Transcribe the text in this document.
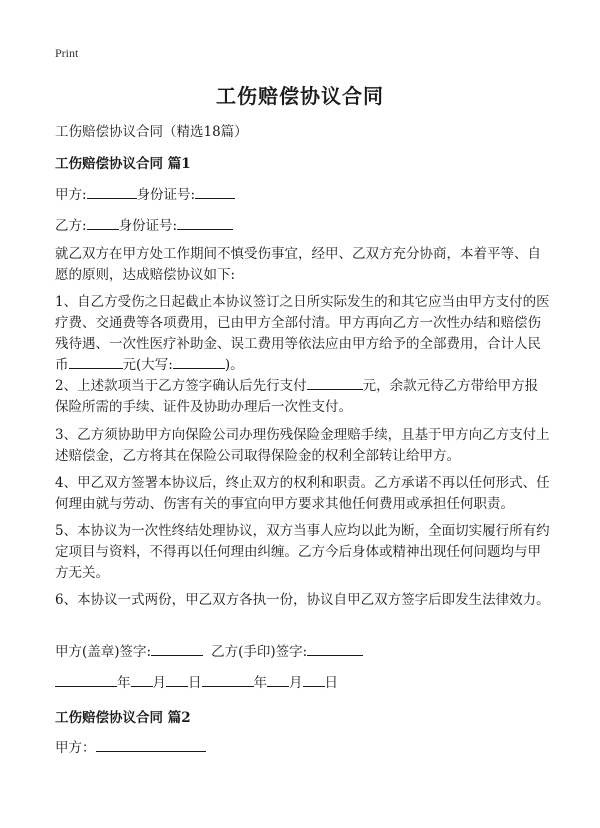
Print
工伤赔偿协议合同
工伤赔偿协议合同（精选18篇）
工伤赔偿协议合同 篇1
甲方:	身份证号:
乙方: 身份证号:
就乙双方在甲方处工作期间不慎受伤事宜，经甲、乙双方充分协商，本着平等、自愿的原则，达成赔偿协议如下:
1、自乙方受伤之日起截止本协议签订之日所实际发生的和其它应当由甲方支付的医疗费、交通费等各项费用，已由甲方全部付清。甲方再向乙方一次性办结和赔偿伤残待遇、一次性医疗补助金、误工费用等依法应由甲方给予的全部费用，合计人民币	元(大写:	)。
2、上述款项当于乙方签字确认后先行支付	元，余款元待乙方带给甲方报保险所需的手续、证件及协助办理后一次性支付。
3、乙方须协助甲方向保险公司办理伤残保险金理赔手续，且基于甲方向乙方支付上述赔偿金，乙方将其在保险公司取得保险金的权利全部转让给甲方。
4、甲乙双方签署本协议后，终止双方的权利和职责。乙方承诺不再以任何形式、任何理由就与劳动、伤害有关的事宜向甲方要求其他任何费用或承担任何职责。
5、本协议为一次性终结处理协议，双方当事人应均以此为断，全面切实履行所有约定项目与资料，不得再以任何理由纠缠。乙方今后身体或精神出现任何问题均与甲方无关。
6、本协议一式两份，甲乙双方各执一份，协议自甲乙双方签字后即发生法律效力。
甲方(盖章)签字:	乙方(手印)签字:
年 月 日	年 月 日
工伤赔偿协议合同 篇2
甲方：
